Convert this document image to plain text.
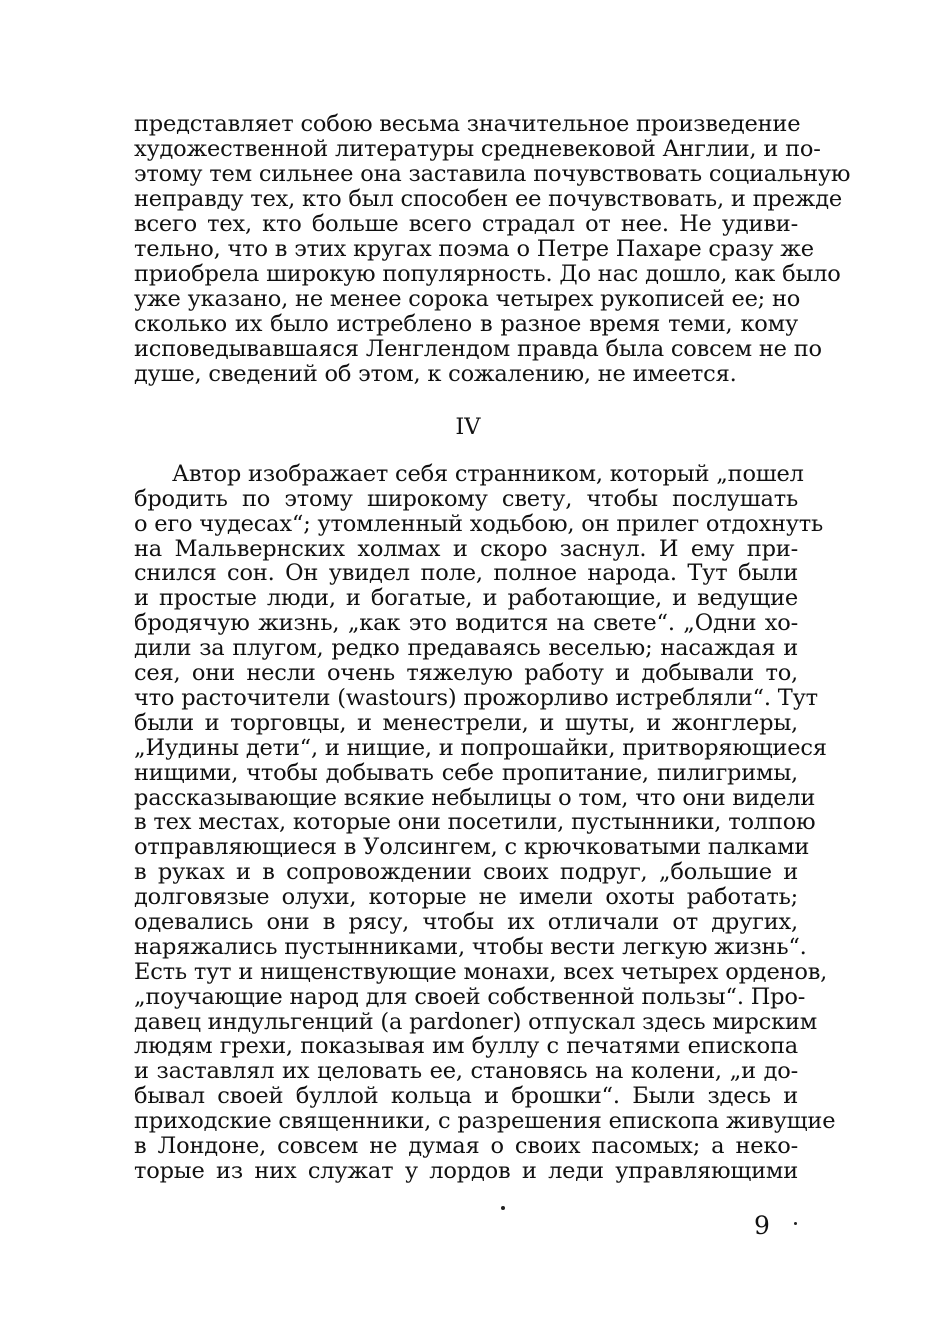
представляет собою весьма значительное произведение
художественной литературы средневековой Англии, и по-
этому тем сильнее она заставила почувствовать социальную
неправду тех, кто был способен ее почувствовать, и прежде
всего тех, кто больше всего страдал от нее. Не удиви-
тельно, что в этих кругах поэма о Петре Пахаре сразу же
приобрела широкую популярность. До нас дошло, как было
уже указано, не менее сорока четырех рукописей ее; но
сколько их было истреблено в разное время теми, кому
исповедывавшаяся Ленглендом правда была совсем не по
душе, сведений об этом, к сожалению, не имеется.
IV
Автор изображает себя странником, который „пошел
бродить по этому широкому свету, чтобы послушать
о его чудесах“; утомленный ходьбою, он прилег отдохнуть
на Мальвернских холмах и скоро заснул. И ему при-
снился сон. Он увидел поле, полное народа. Тут были
и простые люди, и богатые, и работающие, и ведущие
бродячую жизнь, „как это водится на свете“. „Одни хо-
дили за плугом, редко предаваясь веселью; насаждая и
сея, они несли очень тяжелую работу и добывали то,
что расточители (wastours) прожорливо истребляли“. Тут
были и торговцы, и менестрели, и шуты, и жонглеры,
„Иудины дети“, и нищие, и попрошайки, притворяющиеся
нищими, чтобы добывать себе пропитание, пилигримы,
рассказывающие всякие небылицы о том, что они видели
в тех местах, которые они посетили, пустынники, толпою
отправляющиеся в Уолсингем, с крючковатыми палками
в руках и в сопровождении своих подруг, „большие и
долговязые олухи, которые не имели охоты работать;
одевались они в рясу, чтобы их отличали от других,
наряжались пустынниками, чтобы вести легкую жизнь“.
Есть тут и нищенствующие монахи, всех четырех орденов,
„поучающие народ для своей собственной пользы“. Про-
давец индульгенций (a pardoner) отпускал здесь мирским
людям грехи, показывая им буллу с печатями епископа
и заставлял их целовать ее, становясь на колени, „и до-
бывал своей буллой кольца и брошки“. Были здесь и
приходские священники, с разрешения епископа живущие
в Лондоне, совсем не думая о своих пасомых; а неко-
торые из них служат у лордов и леди управляющими
9
